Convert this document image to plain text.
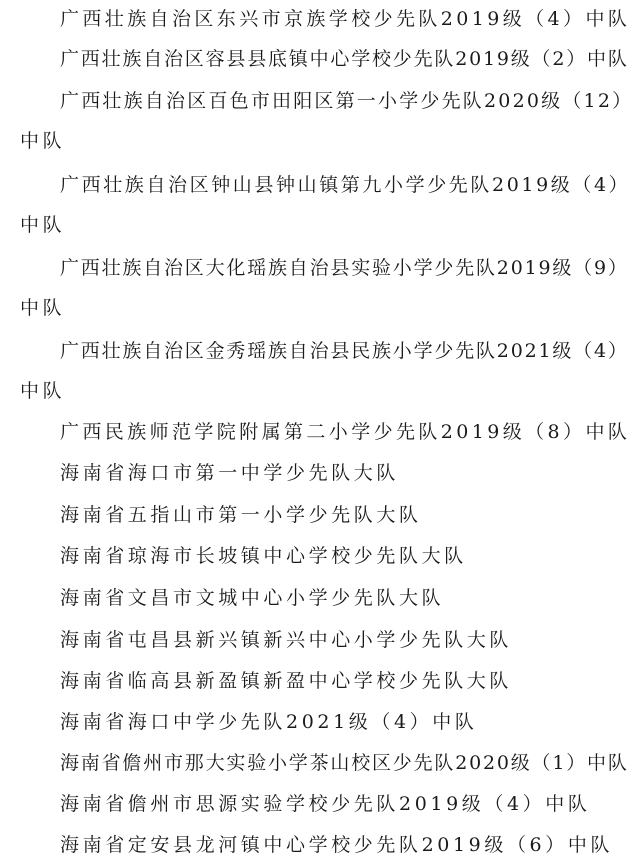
广西壮族自治区东兴市京族学校少先队2019级（4）中队
广西壮族自治区容县县底镇中心学校少先队2019级（2）中队
广西壮族自治区百色市田阳区第一小学少先队2020级（12）
中队
广西壮族自治区钟山县钟山镇第九小学少先队2019级（4）
中队
广西壮族自治区大化瑶族自治县实验小学少先队2019级（9）
中队
广西壮族自治区金秀瑶族自治县民族小学少先队2021级（4）
中队
广西民族师范学院附属第二小学少先队2019级（8）中队
海南省海口市第一中学少先队大队
海南省五指山市第一小学少先队大队
海南省琼海市长坡镇中心学校少先队大队
海南省文昌市文城中心小学少先队大队
海南省屯昌县新兴镇新兴中心小学少先队大队
海南省临高县新盈镇新盈中心学校少先队大队
海南省海口中学少先队2021级（4）中队
海南省儋州市那大实验小学茶山校区少先队2020级（1）中队
海南省儋州市思源实验学校少先队2019级（4）中队
海南省定安县龙河镇中心学校少先队2019级（6）中队
